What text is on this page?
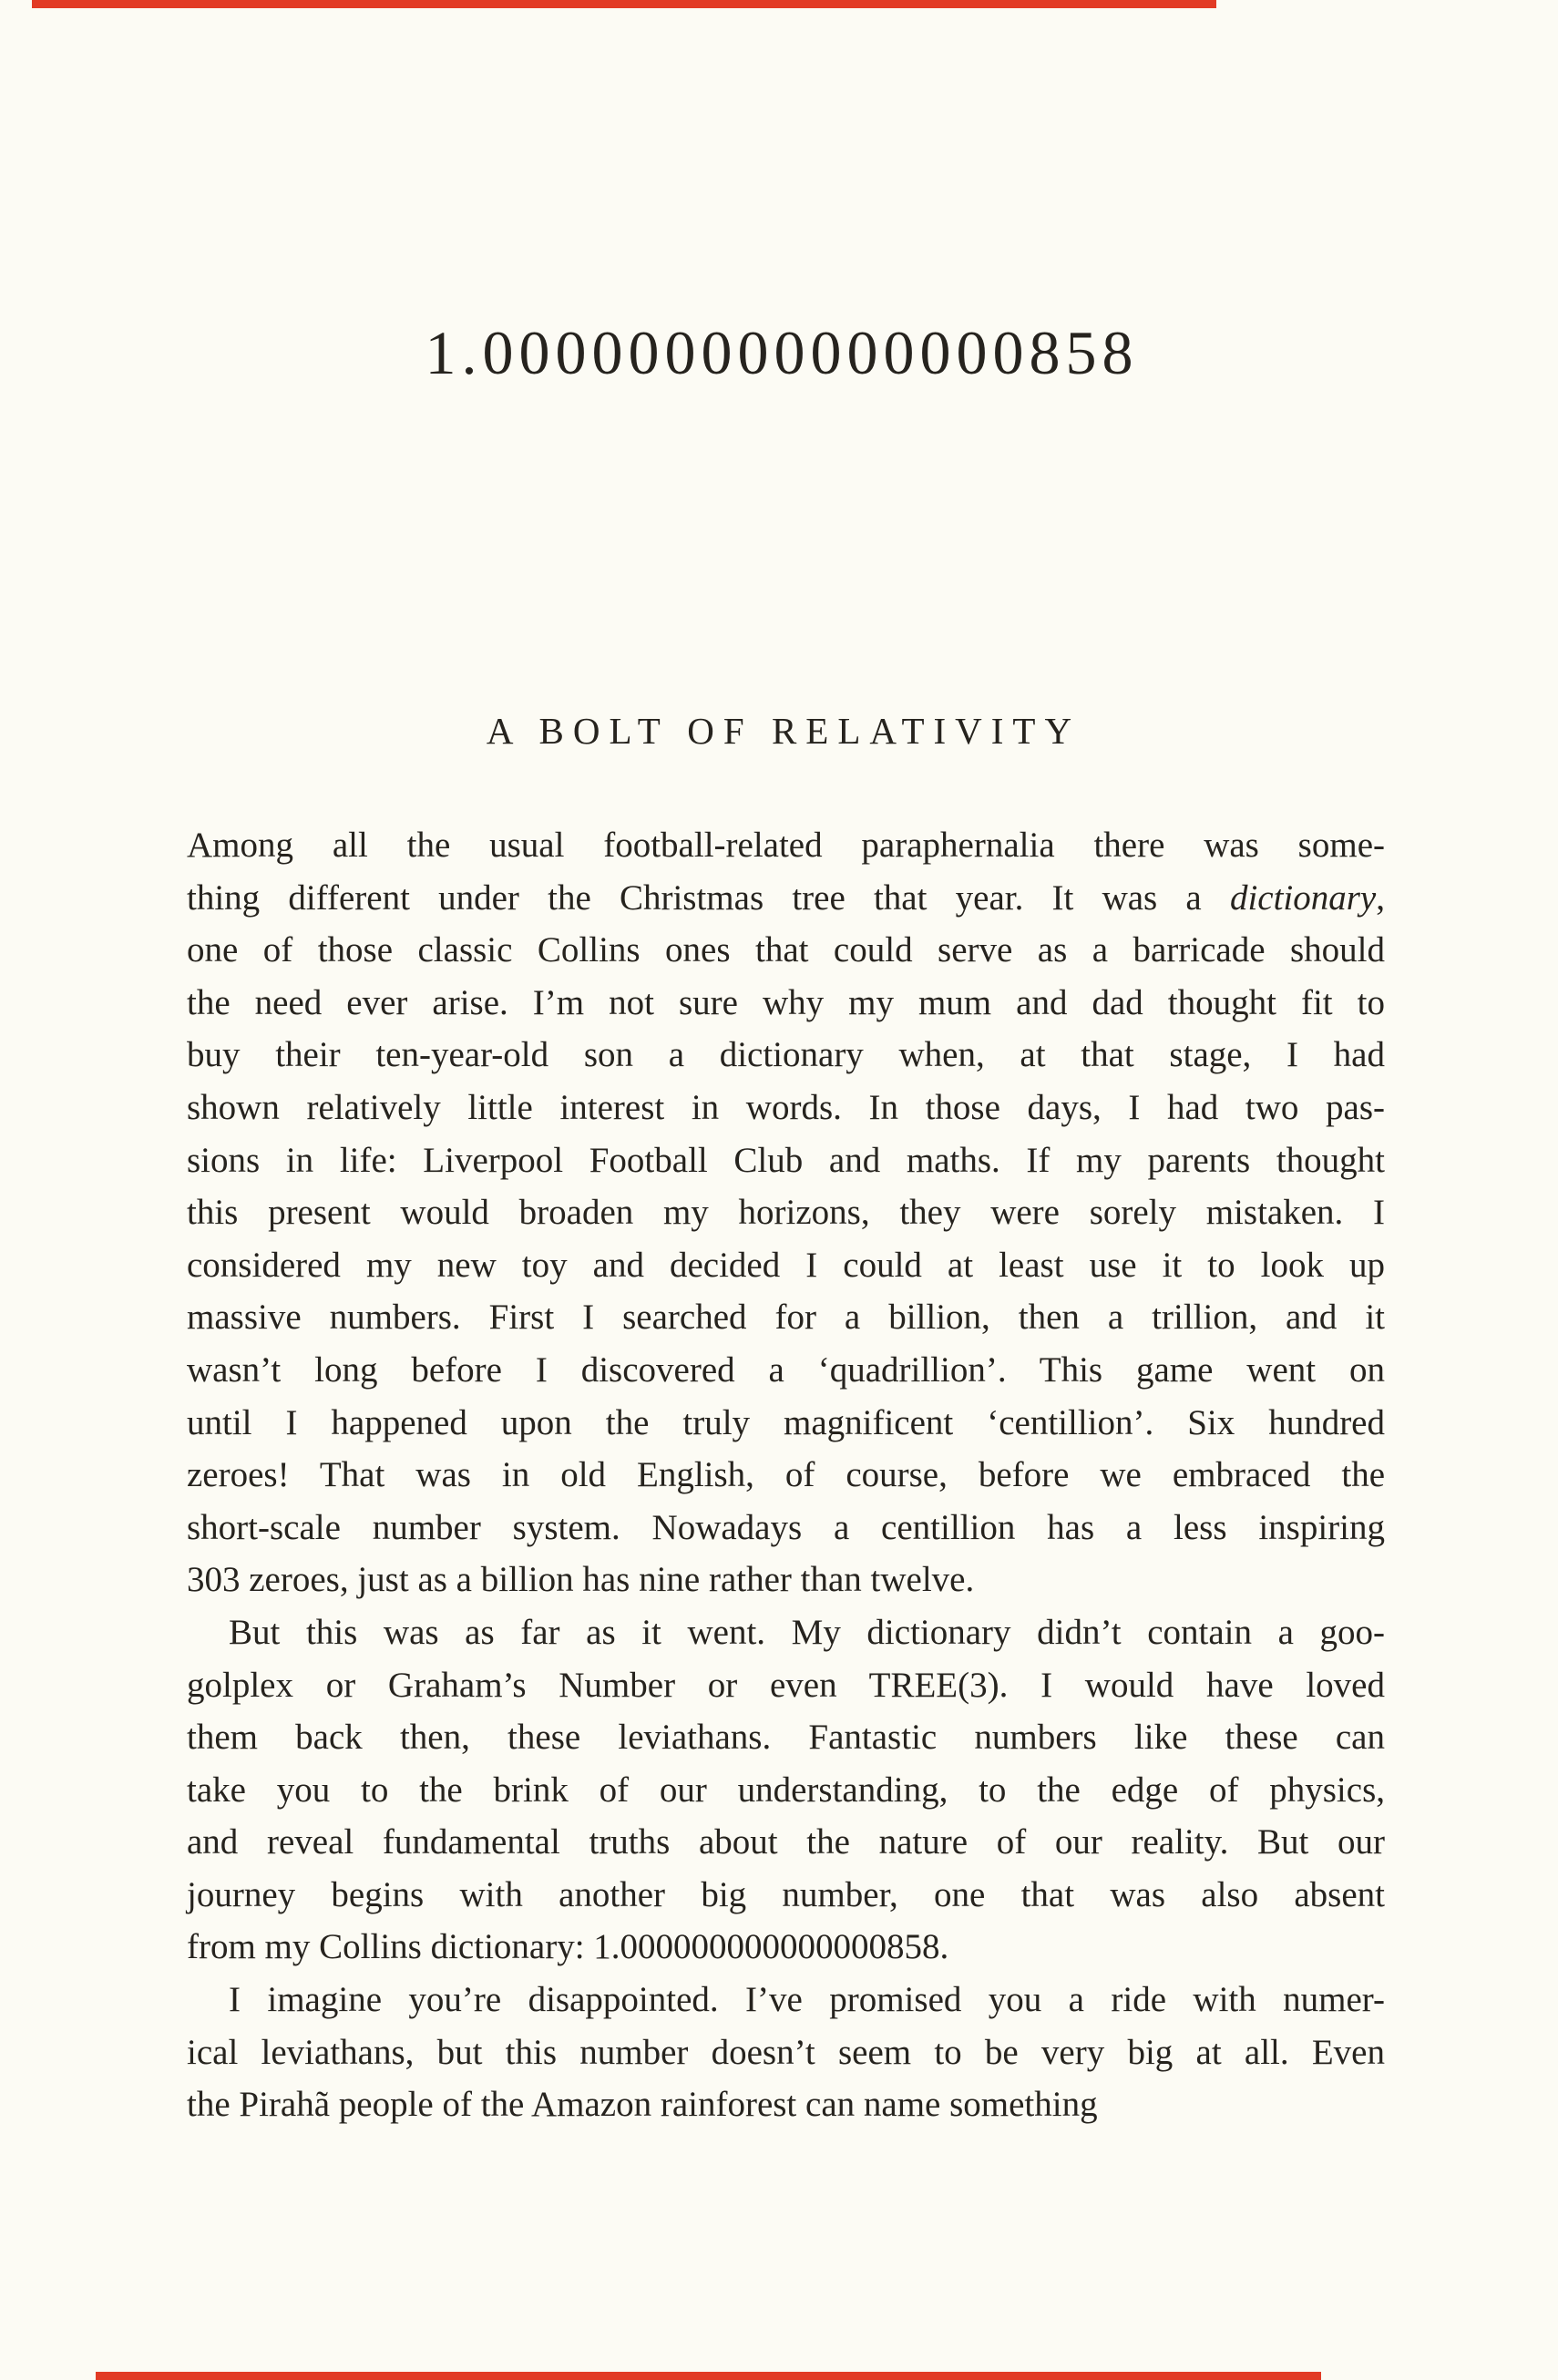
1.000000000000000858
A BOLT OF RELATIVITY
Among all the usual football-related paraphernalia there was some-
thing different under the Christmas tree that year. It was a dictionary,
one of those classic Collins ones that could serve as a barricade should
the need ever arise. I’m not sure why my mum and dad thought fit to
buy their ten-year-old son a dictionary when, at that stage, I had
shown relatively little interest in words. In those days, I had two pas-
sions in life: Liverpool Football Club and maths. If my parents thought
this present would broaden my horizons, they were sorely mistaken. I
considered my new toy and decided I could at least use it to look up
massive numbers. First I searched for a billion, then a trillion, and it
wasn’t long before I discovered a ‘quadrillion’. This game went on
until I happened upon the truly magnificent ‘centillion’. Six hundred
zeroes! That was in old English, of course, before we embraced the
short-scale number system. Nowadays a centillion has a less inspiring
303 zeroes, just as a billion has nine rather than twelve.
But this was as far as it went. My dictionary didn’t contain a goo-
golplex or Graham’s Number or even TREE(3). I would have loved
them back then, these leviathans. Fantastic numbers like these can
take you to the brink of our understanding, to the edge of physics,
and reveal fundamental truths about the nature of our reality. But our
journey begins with another big number, one that was also absent
from my Collins dictionary: 1.000000000000000858.
I imagine you’re disappointed. I’ve promised you a ride with numer-
ical leviathans, but this number doesn’t seem to be very big at all. Even
the Pirahã people of the Amazon rainforest can name something
